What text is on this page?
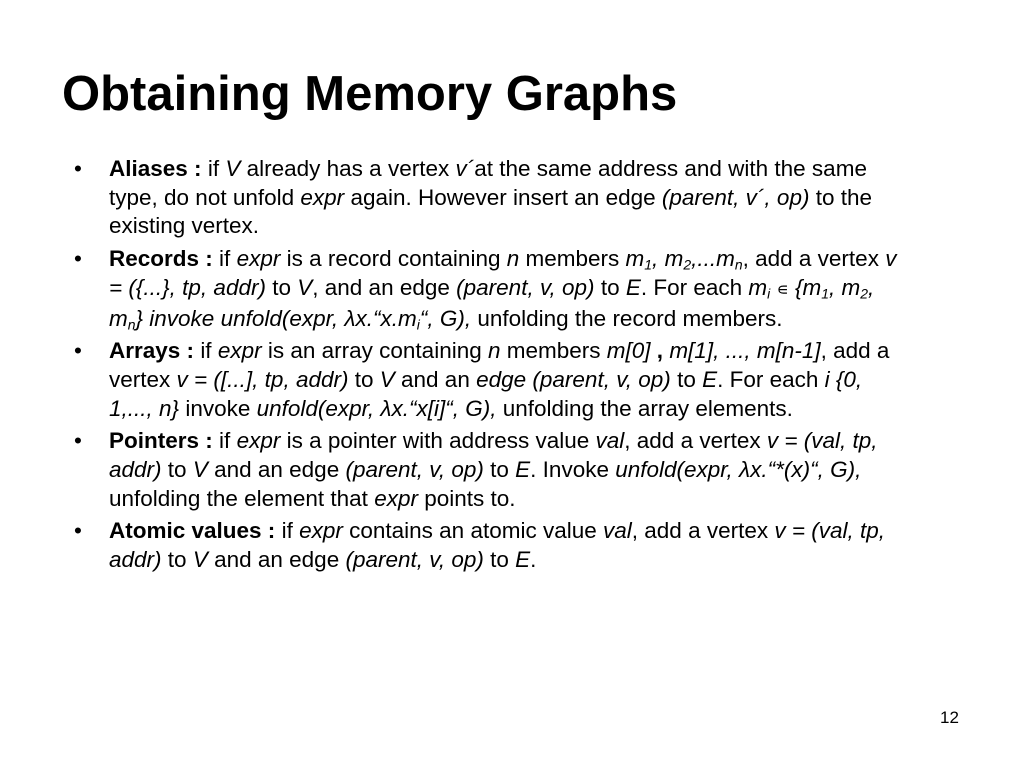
Obtaining Memory Graphs
• Aliases : if V already has a vertex v´at the same address and with the same type, do not unfold expr again. However insert an edge (parent, v´, op) to the existing vertex.
• Records : if expr is a record containing n members $m_1$, $m_2,...m_n$, add a vertex v = ({...}, tp, addr) to V, and an edge (parent, v, op) to E. For each $m_i$ ∊ {$m_1$, $m_2$, $m_n$} invoke unfold(expr, $\lambda x.“x.m_i“$, G), unfolding the record members.
• Arrays : if expr is an array containing n members m[0] , m[1], ..., m[n-1], add a vertex v = ([...], tp, addr) to V and an edge (parent, v, op) to E. For each i {0, 1,..., n} invoke unfold(expr, λx.“x[i]“, G), unfolding the array elements.
• Pointers : if expr is a pointer with address value val, add a vertex v = (val, tp, addr) to V and an edge (parent, v, op) to E. Invoke unfold(expr, λx.“*(x)“, G), unfolding the element that expr points to.
• Atomic values : if expr contains an atomic value val, add a vertex v = (val, tp, addr) to V and an edge (parent, v, op) to E.
12
